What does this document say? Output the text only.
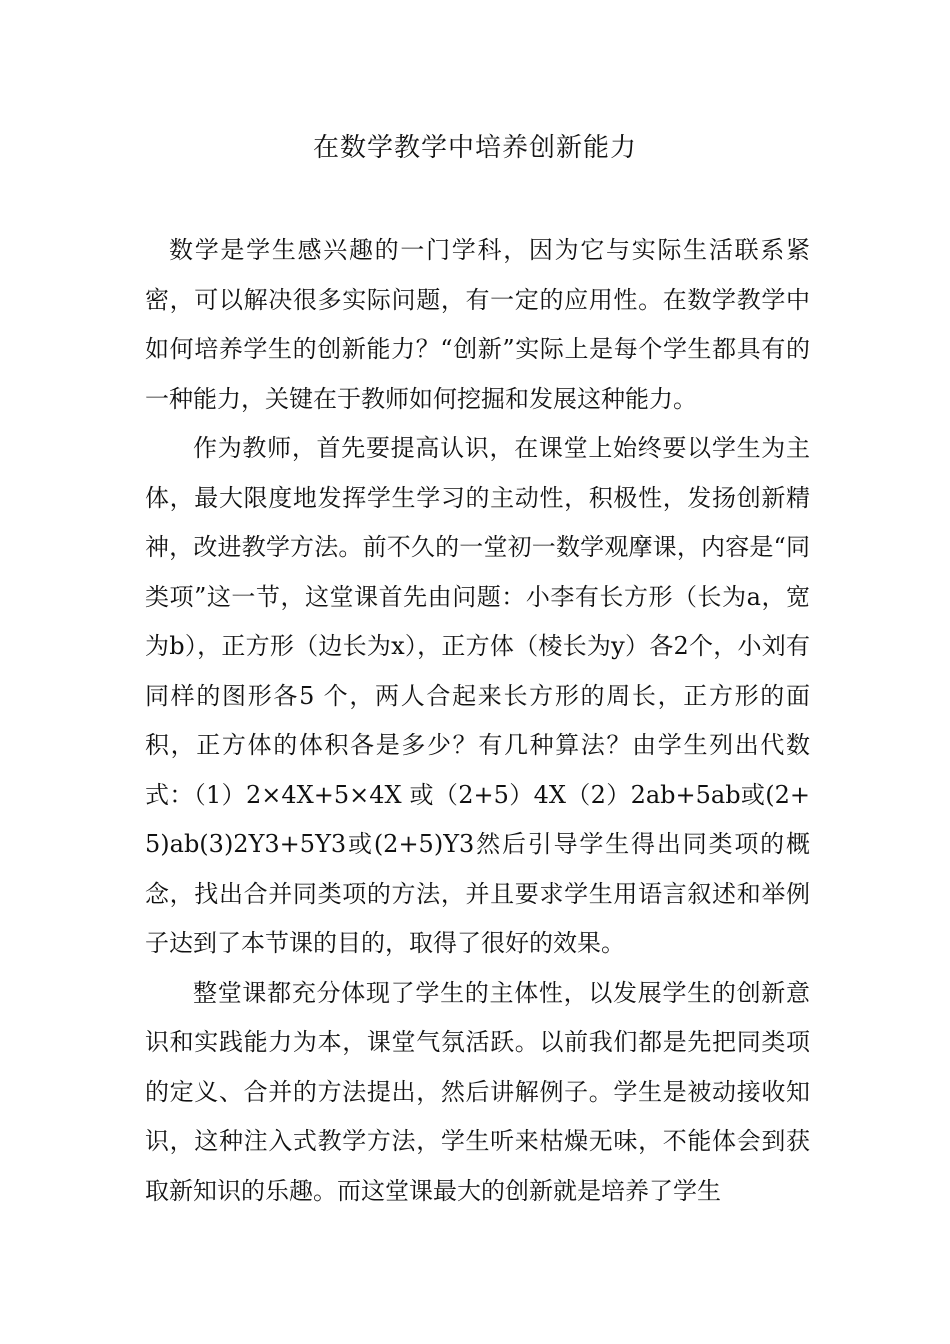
在数学教学中培养创新能力

数学是学生感兴趣的一门学科，因为它与实际生活联系紧密，可以解决很多实际问题，有一定的应用性。在数学教学中如何培养学生的创新能力？“创新”实际上是每个学生都具有的一种能力，关键在于教师如何挖掘和发展这种能力。

作为教师，首先要提高认识，在课堂上始终要以学生为主体，最大限度地发挥学生学习的主动性，积极性，发扬创新精神，改进教学方法。前不久的一堂初一数学观摩课，内容是“同类项”这一节，这堂课首先由问题：小李有长方形（长为a，宽为b），正方形（边长为x），正方体（棱长为y）各2个，小刘有同样的图形各5 个，两人合起来长方形的周长，正方形的面积，正方体的体积各是多少？有几种算法？由学生列出代数式：（1）2×4X+5×4X 或（2+5）4X（2）2ab+5ab或(2+5)ab(3)2Y3+5Y3或(2+5)Y3然后引导学生得出同类项的概念，找出合并同类项的方法，并且要求学生用语言叙述和举例子达到了本节课的目的，取得了很好的效果。

整堂课都充分体现了学生的主体性，以发展学生的创新意识和实践能力为本，课堂气氛活跃。以前我们都是先把同类项的定义、合并的方法提出，然后讲解例子。学生是被动接收知识，这种注入式教学方法，学生听来枯燥无味，不能体会到获取新知识的乐趣。而这堂课最大的创新就是培养了学生
